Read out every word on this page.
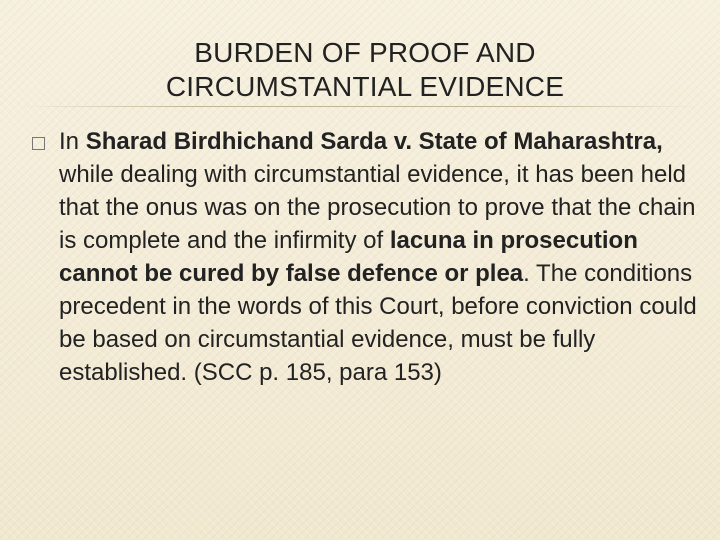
BURDEN OF PROOF AND
CIRCUMSTANTIAL EVIDENCE
In Sharad Birdhichand Sarda v. State of Maharashtra, while dealing with circumstantial evidence, it has been held that the onus was on the prosecution to prove that the chain is complete and the infirmity of lacuna in prosecution cannot be cured by false defence or plea. The conditions precedent in the words of this Court, before conviction could be based on circumstantial evidence, must be fully established. (SCC p. 185, para 153)
